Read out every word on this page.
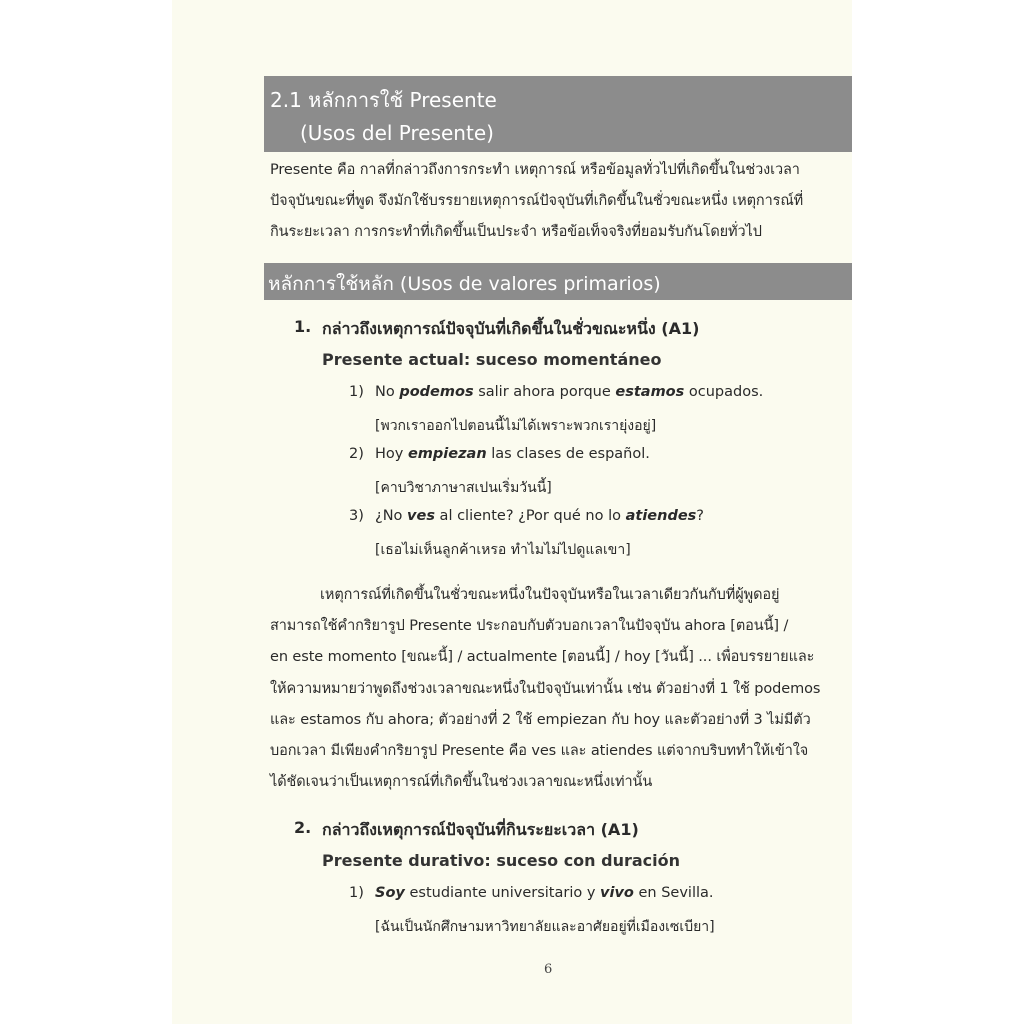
2.1 หลักการใช้ Presente
(Usos del Presente)
Presente คือ กาลที่กล่าวถึงการกระทำ เหตุการณ์ หรือข้อมูลทั่วไปที่เกิดขึ้นในช่วงเวลา
ปัจจุบันขณะที่พูด จึงมักใช้บรรยายเหตุการณ์ปัจจุบันที่เกิดขึ้นในชั่วขณะหนึ่ง เหตุการณ์ที่
กินระยะเวลา การกระทำที่เกิดขึ้นเป็นประจำ หรือข้อเท็จจริงที่ยอมรับกันโดยทั่วไป
หลักการใช้หลัก (Usos de valores primarios)
1. กล่าวถึงเหตุการณ์ปัจจุบันที่เกิดขึ้นในชั่วขณะหนึ่ง (A1)
Presente actual: suceso momentáneo
1) No podemos salir ahora porque estamos ocupados.
[พวกเราออกไปตอนนี้ไม่ได้เพราะพวกเรายุ่งอยู่]
2) Hoy empiezan las clases de español.
[คาบวิชาภาษาสเปนเริ่มวันนี้]
3) ¿No ves al cliente? ¿Por qué no lo atiendes?
[เธอไม่เห็นลูกค้าเหรอ ทำไมไม่ไปดูแลเขา]
เหตุการณ์ที่เกิดขึ้นในชั่วขณะหนึ่งในปัจจุบันหรือในเวลาเดียวกันกับที่ผู้พูดอยู่
สามารถใช้คำกริยารูป Presente ประกอบกับตัวบอกเวลาในปัจจุบัน ahora [ตอนนี้] /
en este momento [ขณะนี้] / actualmente [ตอนนี้] / hoy [วันนี้] ... เพื่อบรรยายและ
ให้ความหมายว่าพูดถึงช่วงเวลาขณะหนึ่งในปัจจุบันเท่านั้น เช่น ตัวอย่างที่ 1 ใช้ podemos
และ estamos กับ ahora; ตัวอย่างที่ 2 ใช้ empiezan กับ hoy และตัวอย่างที่ 3 ไม่มีตัว
บอกเวลา มีเพียงคำกริยารูป Presente คือ ves และ atiendes แต่จากบริบททำให้เข้าใจ
ได้ชัดเจนว่าเป็นเหตุการณ์ที่เกิดขึ้นในช่วงเวลาขณะหนึ่งเท่านั้น
2. กล่าวถึงเหตุการณ์ปัจจุบันที่กินระยะเวลา (A1)
Presente durativo: suceso con duración
1) Soy estudiante universitario y vivo en Sevilla.
[ฉันเป็นนักศึกษามหาวิทยาลัยและอาศัยอยู่ที่เมืองเซเบียา]
6
